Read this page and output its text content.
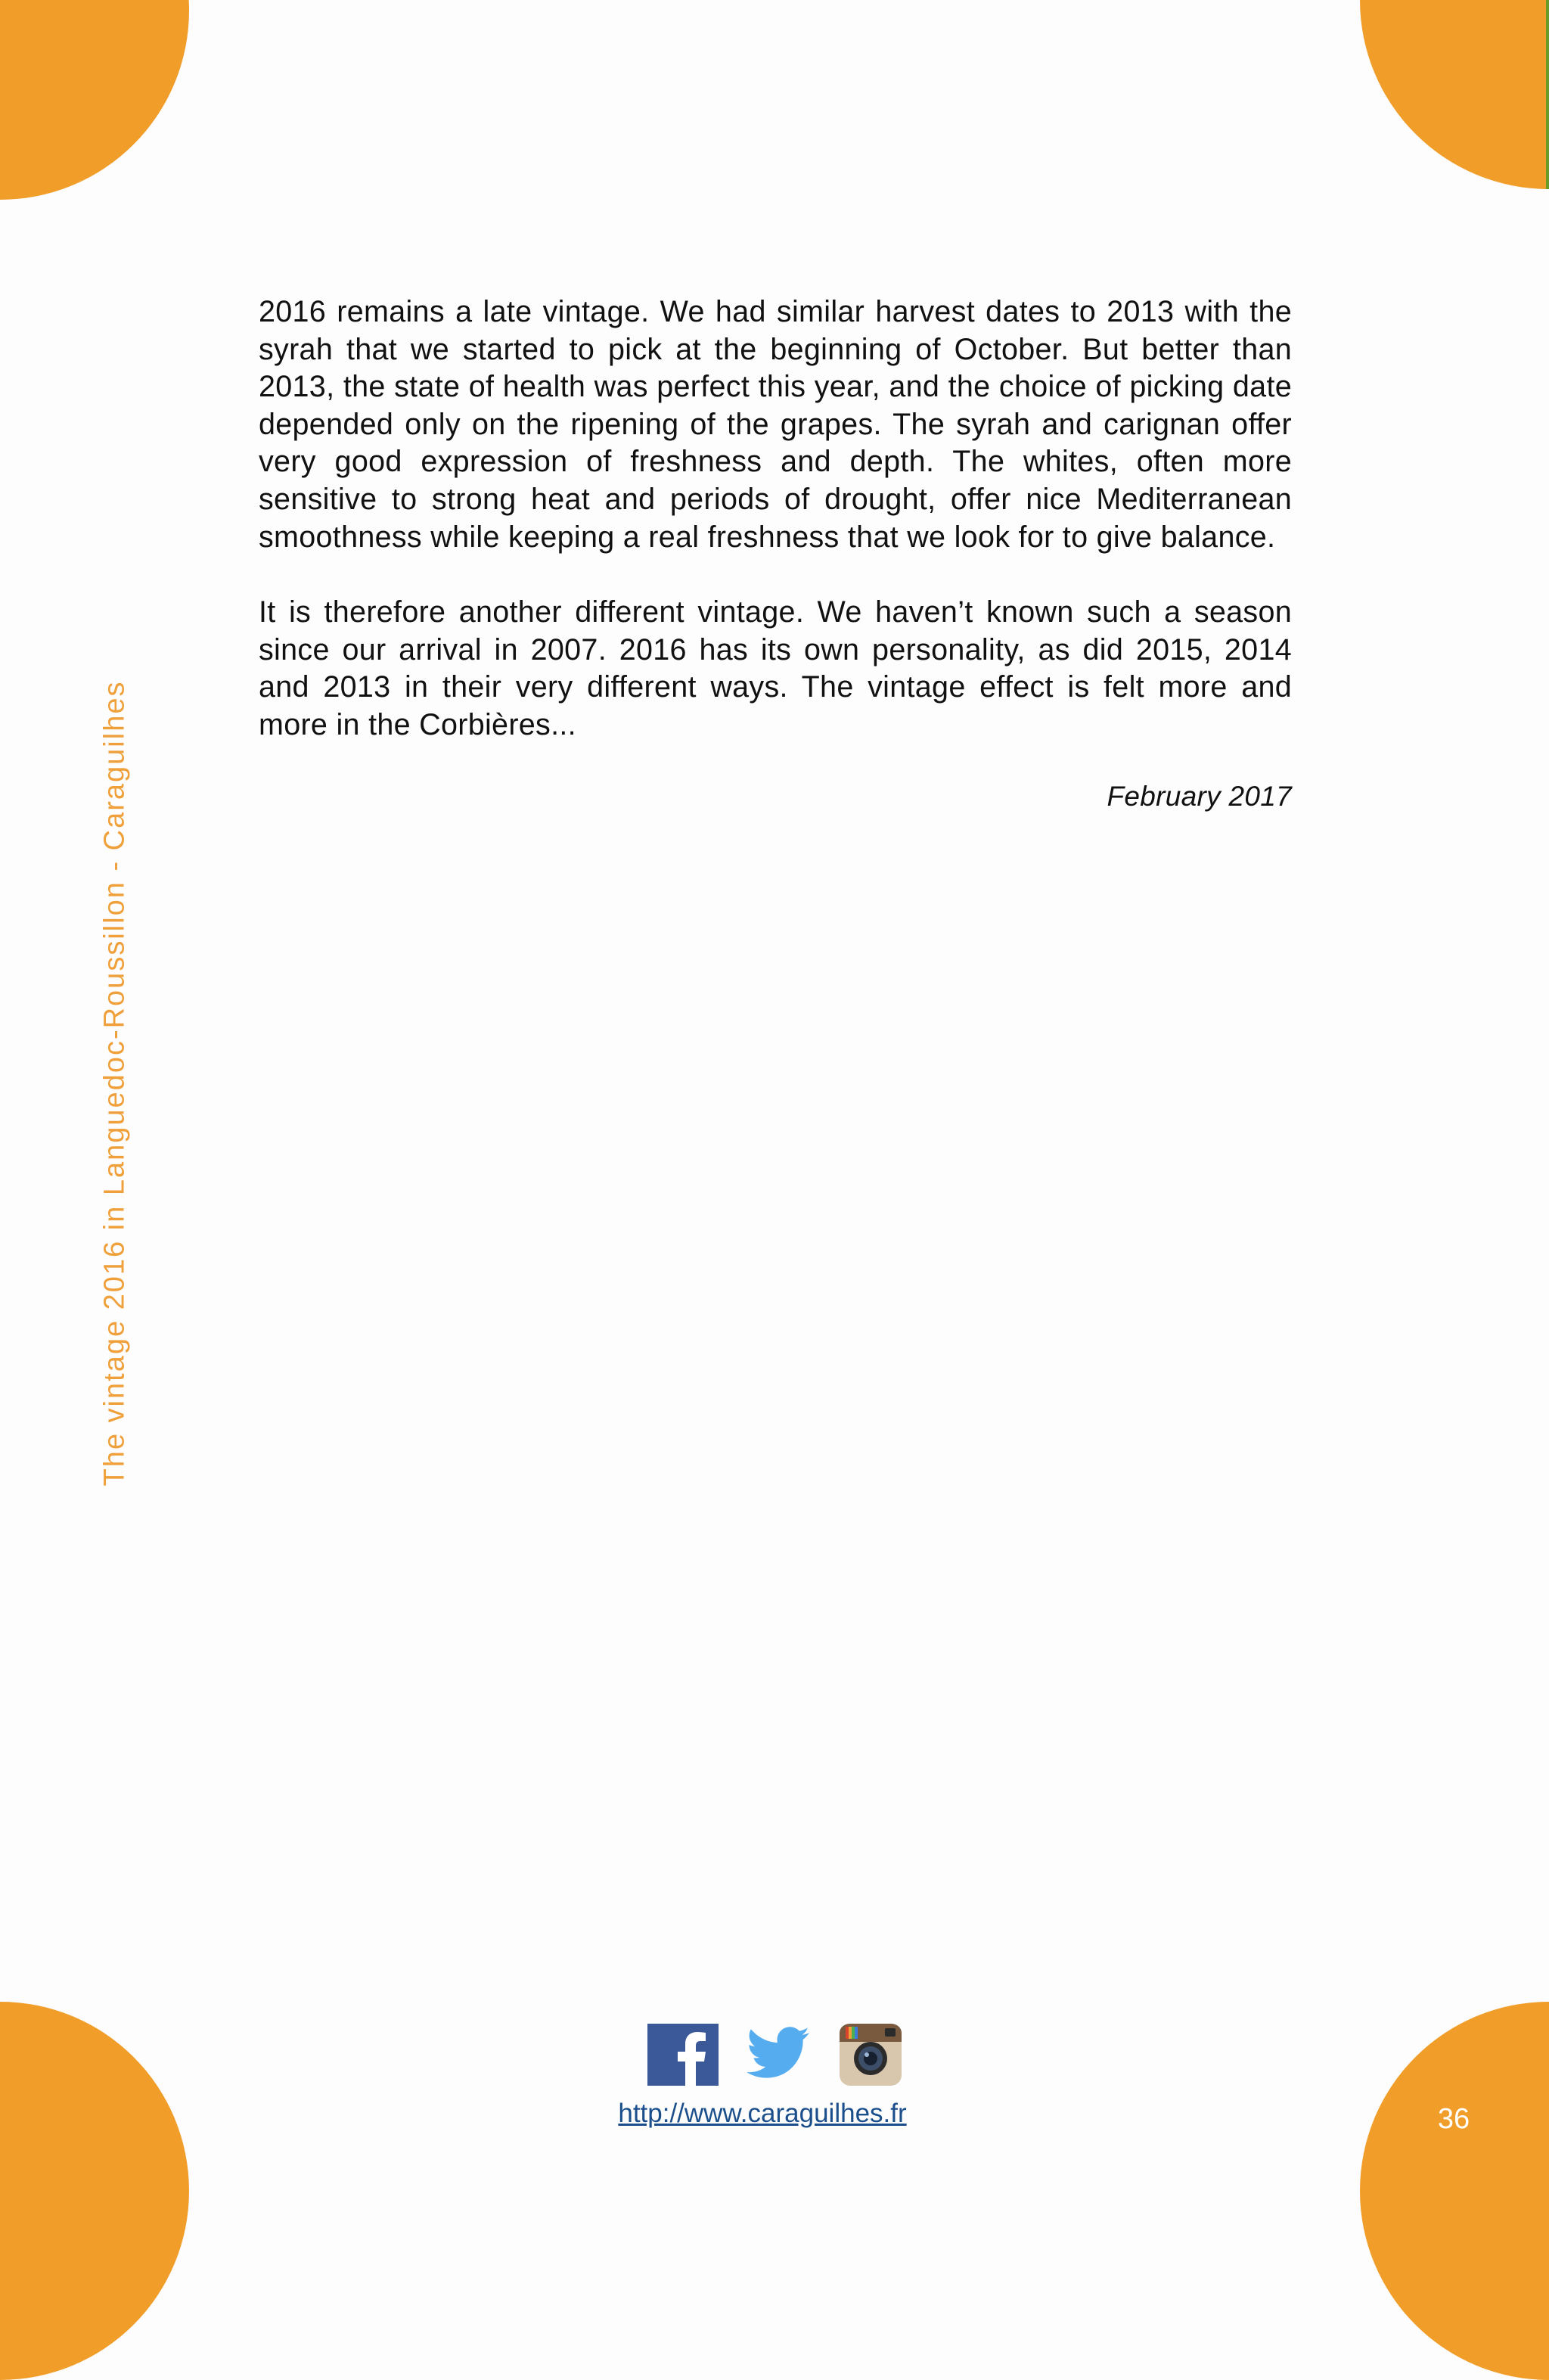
The vintage 2016 in Languedoc-Roussillon - Caraguilhes

2016 remains a late vintage. We had similar harvest dates to 2013 with the syrah that we started to pick at the beginning of October. But better than 2013, the state of health was perfect this year, and the choice of picking date depended only on the ripening of the grapes. The syrah and carignan offer very good expression of freshness and depth. The whites, often more sensitive to strong heat and periods of drought, offer nice Mediterranean smoothness while keeping a real freshness that we look for to give balance.

It is therefore another different vintage. We haven’t known such a season since our arrival in 2007. 2016 has its own personality, as did 2015, 2014 and 2013 in their very different ways. The vintage effect is felt more and more in the Corbières...

February 2017
http://www.caraguilhes.fr	36
